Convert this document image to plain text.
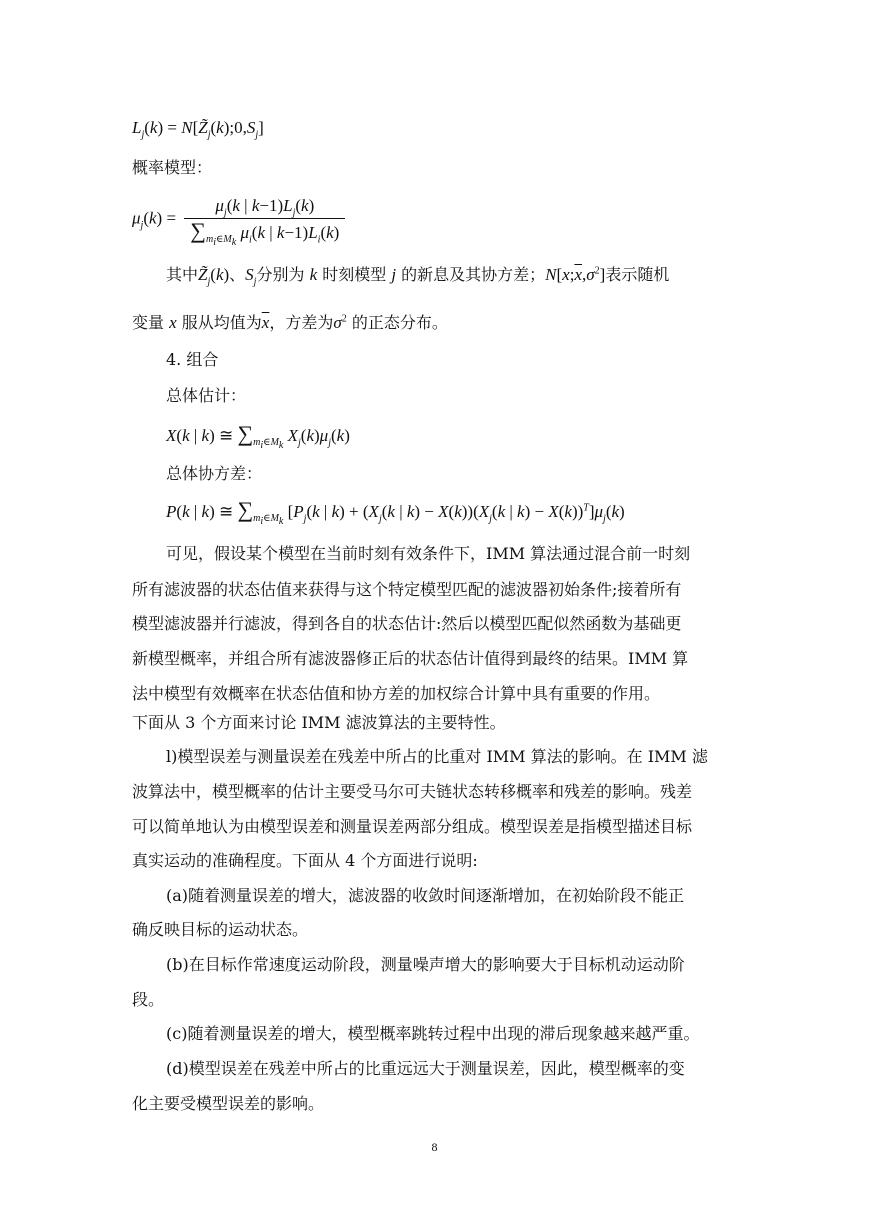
$L_j(k)$ = $N[Z̃_j(k);0,S_j]$
概率模型：
$\mu_j(k) = \frac{\mu_j(k | k-1)L_j(k)}{\sum_{m_i\in M_k} \mu_i(k | k-1)L_i(k)}$
其中$Z̃_j(k)$、$S_j$分别为 k 时刻模型 j 的新息及其协方差；$N[x;\overline{x},\sigma^2]$表示随机
变量 x 服从均值为$\overline{x}$，方差为$\sigma^2$ 的正态分布。
4. 组合
总体估计：
X(k | k) ≅ $\sum_{m_i\in M_k}$ $X_j(k)\mu_j(k)$
总体协方差：
P(k | k) ≅ $\sum_{m_i\in M_k}$ [$P_j(k$ | $k) + (X_j(k$ | $k) - X(k))(X_j(k$ | $k) - X(k))^T]\mu_j(k)$
可见，假设某个模型在当前时刻有效条件下，IMM 算法通过混合前一时刻
所有滤波器的状态估值来获得与这个特定模型匹配的滤波器初始条件;接着所有
模型滤波器并行滤波，得到各自的状态估计:然后以模型匹配似然函数为基础更
新模型概率，并组合所有滤波器修正后的状态估计值得到最终的结果。IMM 算
法中模型有效概率在状态估值和协方差的加权综合计算中具有重要的作用。
下面从 3 个方面来讨论 IMM 滤波算法的主要特性。
l)模型误差与测量误差在残差中所占的比重对 IMM 算法的影响。在 IMM 滤
波算法中，模型概率的估计主要受马尔可夫链状态转移概率和残差的影响。残差
可以简单地认为由模型误差和测量误差两部分组成。模型误差是指模型描述目标
真实运动的准确程度。下面从 4 个方面进行说明:
(a)随着测量误差的增大，滤波器的收敛时间逐渐增加，在初始阶段不能正
确反映目标的运动状态。
(b)在目标作常速度运动阶段，测量噪声增大的影响要大于目标机动运动阶
段。
(c)随着测量误差的增大，模型概率跳转过程中出现的滞后现象越来越严重。
(d)模型误差在残差中所占的比重远远大于测量误差，因此，模型概率的变
化主要受模型误差的影响。
8
